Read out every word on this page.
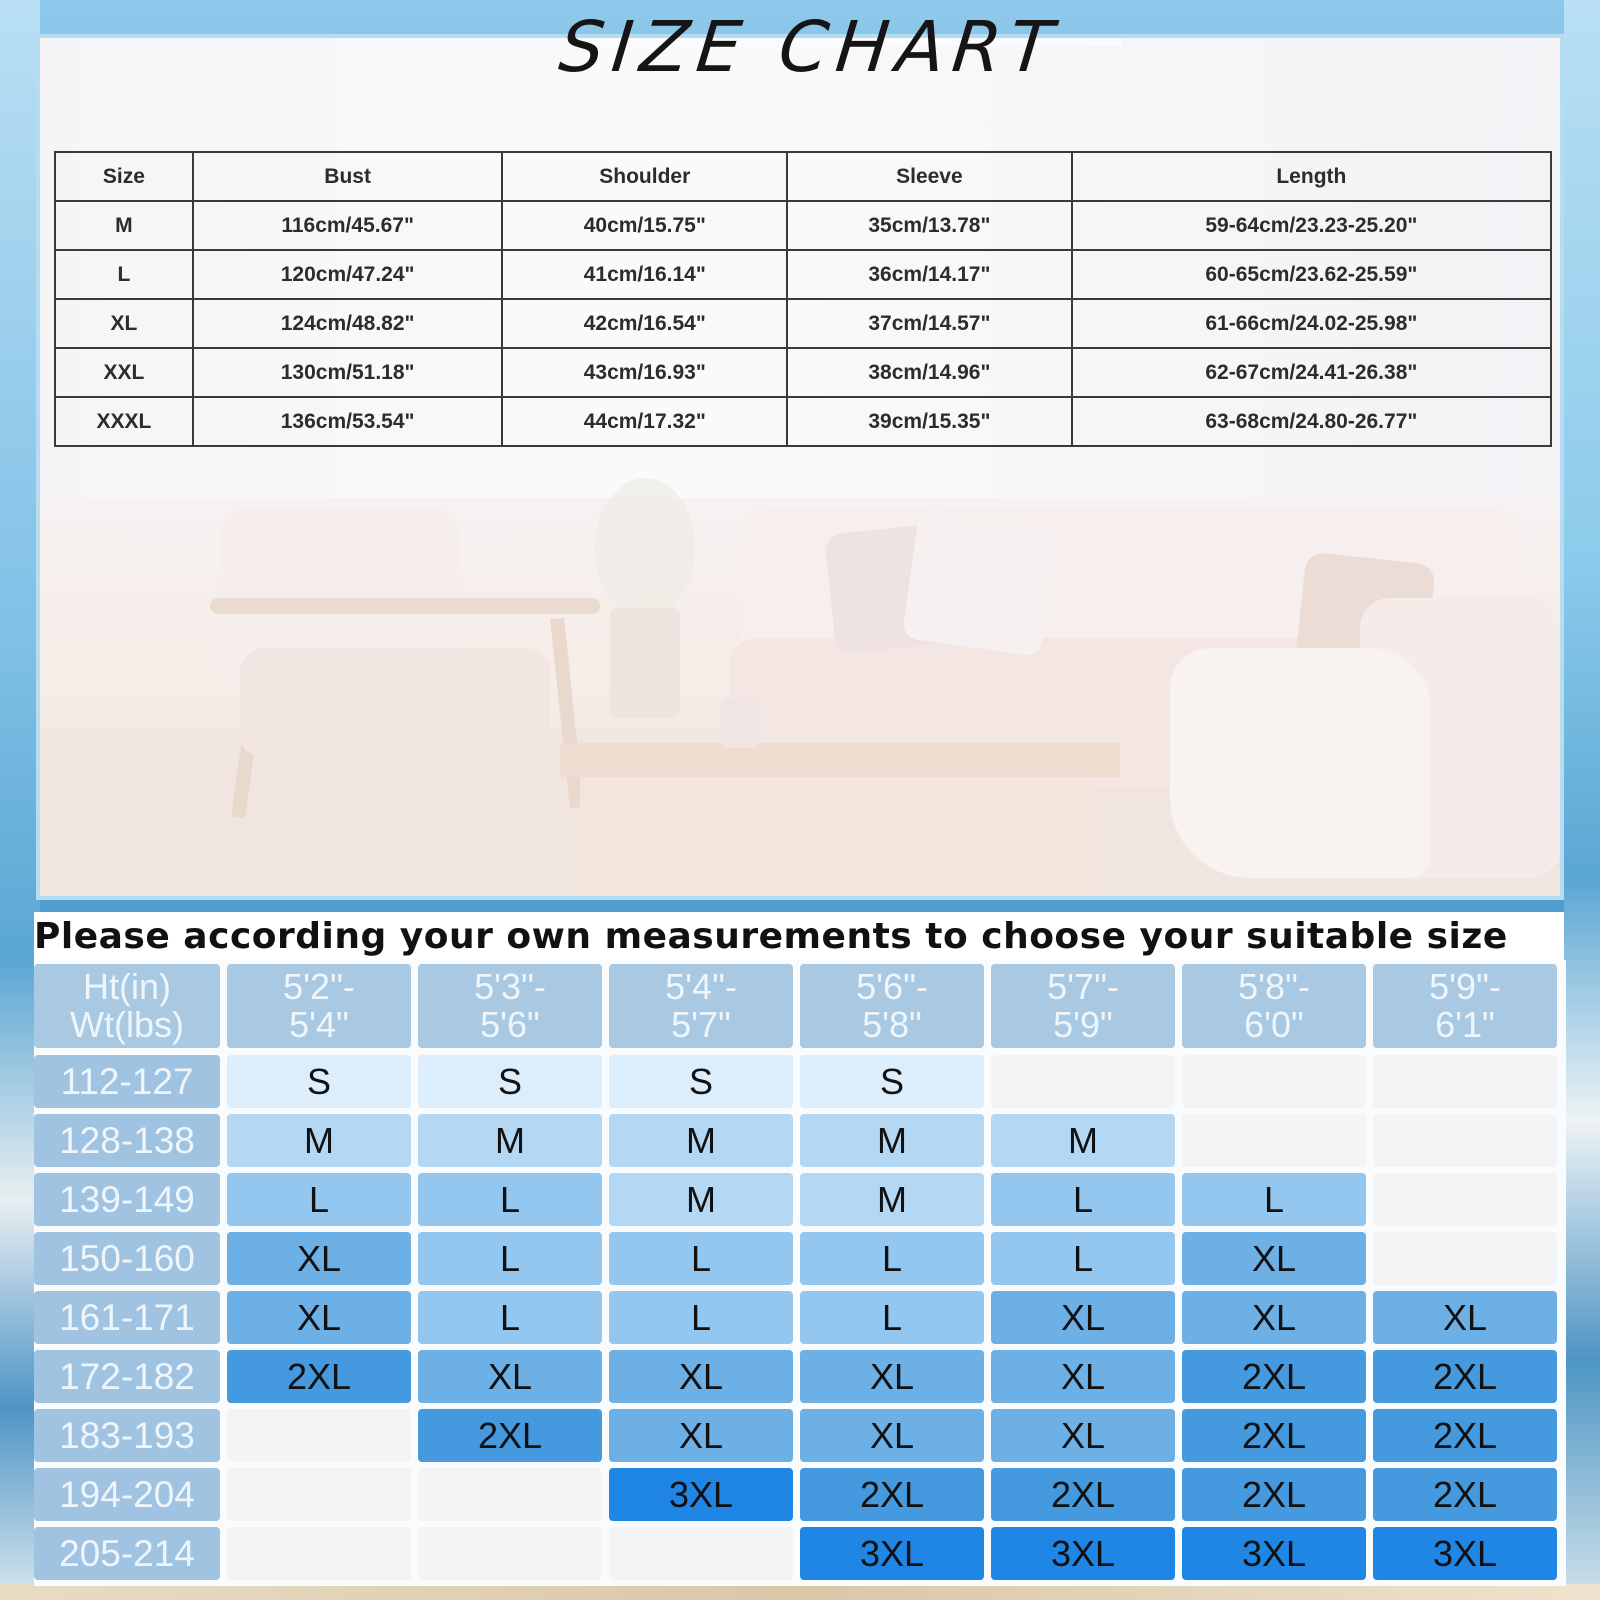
Size	Bust	Shoulder	Sleeve	Length
M	116cm/45.67"	40cm/15.75"	35cm/13.78"	59-64cm/23.23-25.20"
L	120cm/47.24"	41cm/16.14"	36cm/14.17"	60-65cm/23.62-25.59"
XL	124cm/48.82"	42cm/16.54"	37cm/14.57"	61-66cm/24.02-25.98"
XXL	130cm/51.18"	43cm/16.93"	38cm/14.96"	62-67cm/24.41-26.38"
XXXL	136cm/53.54"	44cm/17.32"	39cm/15.35"	63-68cm/24.80-26.77"
SIZE CHART
Please according your own measurements to choose your suitable size
Ht(in)
Wt(lbs)
5'2"-
5'4"
5'3"-
5'6"
5'4"-
5'7"
5'6"-
5'8"
5'7"-
5'9"
5'8"-
6'0"
5'9"-
6'1"
112-127	S	S	S	S
128-138	M	M	M	M	M
139-149	L	L	M	M	L	L
150-160	XL	L	L	L	L	XL
161-171	XL	L	L	L	XL	XL	XL
172-182	2XL	XL	XL	XL	XL	2XL	2XL
183-193	2XL	XL	XL	XL	2XL	2XL
194-204	3XL	2XL	2XL	2XL	2XL
205-214	3XL	3XL	3XL	3XL
